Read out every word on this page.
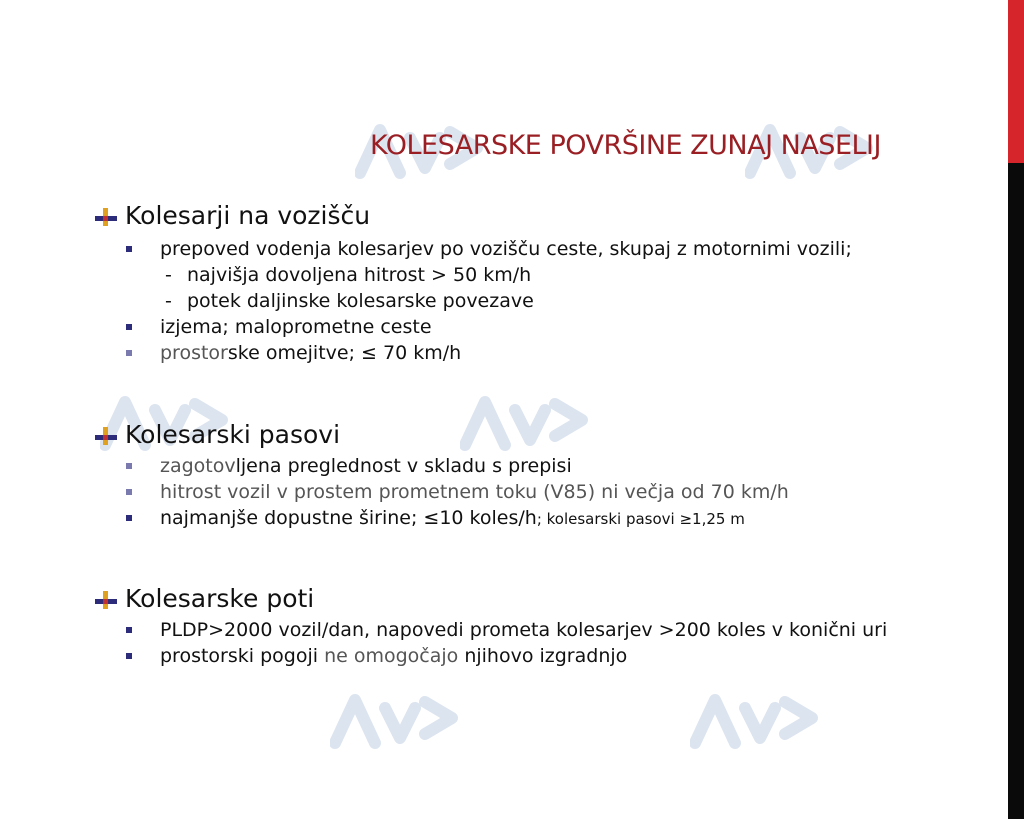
KOLESARSKE POVRŠINE ZUNAJ NASELIJ
Kolesarji na vozišču
prepoved vodenja kolesarjev po vozišču ceste, skupaj z motornimi vozili;
- najvišja dovoljena hitrost > 50 km/h
- potek daljinske kolesarske povezave
izjema; maloprometne ceste
prostorske omejitve; ≤ 70 km/h
Kolesarski pasovi
zagotovljena preglednost v skladu s prepisi
hitrost vozil v prostem prometnem toku (V85) ni večja od 70 km/h
najmanjše dopustne širine; ≤10 koles/h; kolesarski pasovi ≥1,25 m
Kolesarske poti
PLDP>2000 vozil/dan, napovedi prometa kolesarjev >200 koles v konični uri
prostorski pogoji ne omogočajo njihovo izgradnjo
